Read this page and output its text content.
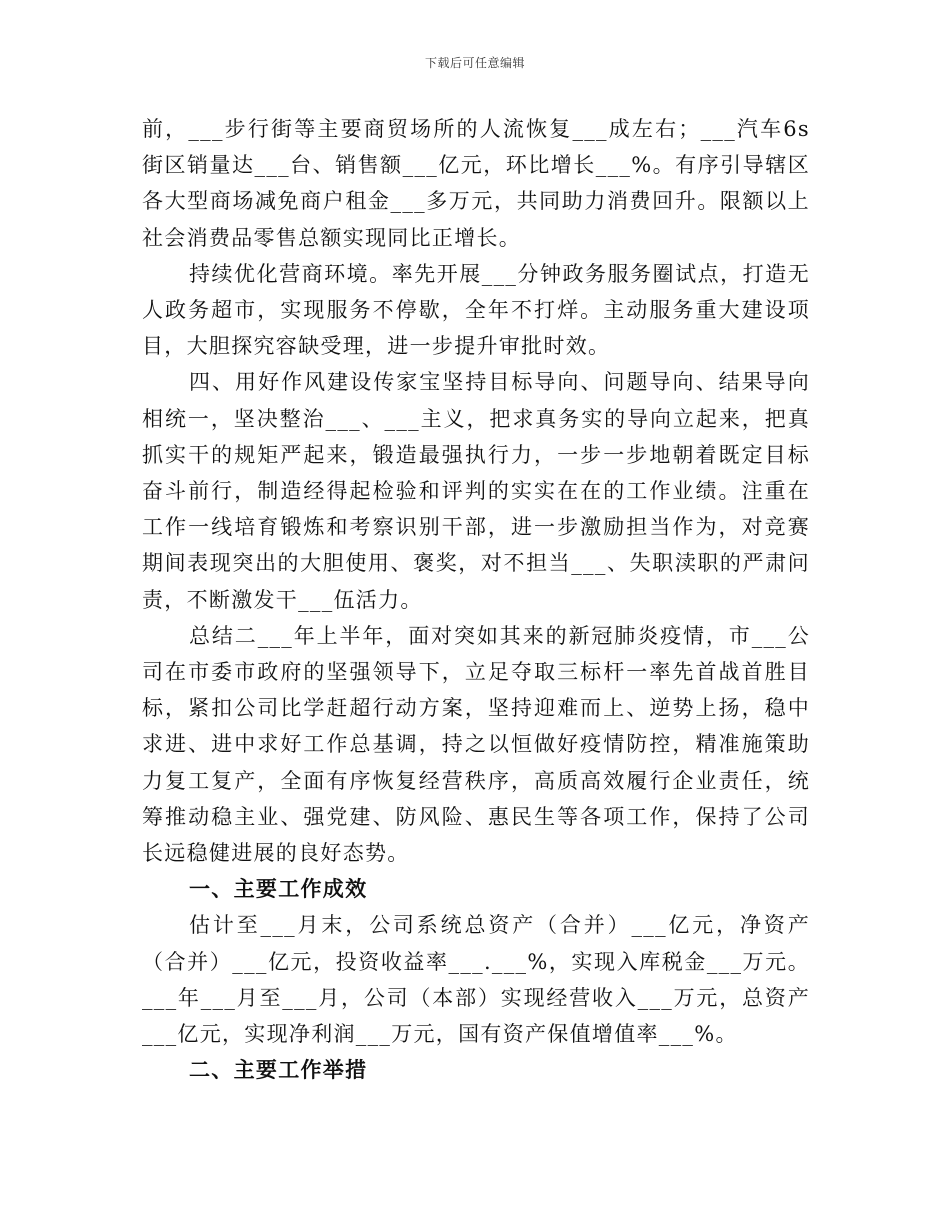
下载后可任意编辑

前，___步行街等主要商贸场所的人流恢复___成左右；___汽车6s街区销量达___台、销售额___亿元，环比增长___%。有序引导辖区各大型商场减免商户租金___多万元，共同助力消费回升。限额以上社会消费品零售总额实现同比正增长。

持续优化营商环境。率先开展___分钟政务服务圈试点，打造无人政务超市，实现服务不停歇，全年不打烊。主动服务重大建设项目，大胆探究容缺受理，进一步提升审批时效。

四、用好作风建设传家宝坚持目标导向、问题导向、结果导向相统一，坚决整治___、___主义，把求真务实的导向立起来，把真抓实干的规矩严起来，锻造最强执行力，一步一步地朝着既定目标奋斗前行，制造经得起检验和评判的实实在在的工作业绩。注重在工作一线培育锻炼和考察识别干部，进一步激励担当作为，对竞赛期间表现突出的大胆使用、褒奖，对不担当___、失职渎职的严肃问责，不断激发干___伍活力。

总结二___年上半年，面对突如其来的新冠肺炎疫情，市___公司在市委市政府的坚强领导下，立足夺取三标杆一率先首战首胜目标，紧扣公司比学赶超行动方案，坚持迎难而上、逆势上扬，稳中求进、进中求好工作总基调，持之以恒做好疫情防控，精准施策助力复工复产，全面有序恢复经营秩序，高质高效履行企业责任，统筹推动稳主业、强党建、防风险、惠民生等各项工作，保持了公司长远稳健进展的良好态势。

一、主要工作成效

估计至___月末，公司系统总资产（合并）___亿元，净资产（合并）___亿元，投资收益率___.___%，实现入库税金___万元。___年___月至___月，公司（本部）实现经营收入___万元，总资产___亿元，实现净利润___万元，国有资产保值增值率___%。

二、主要工作举措
